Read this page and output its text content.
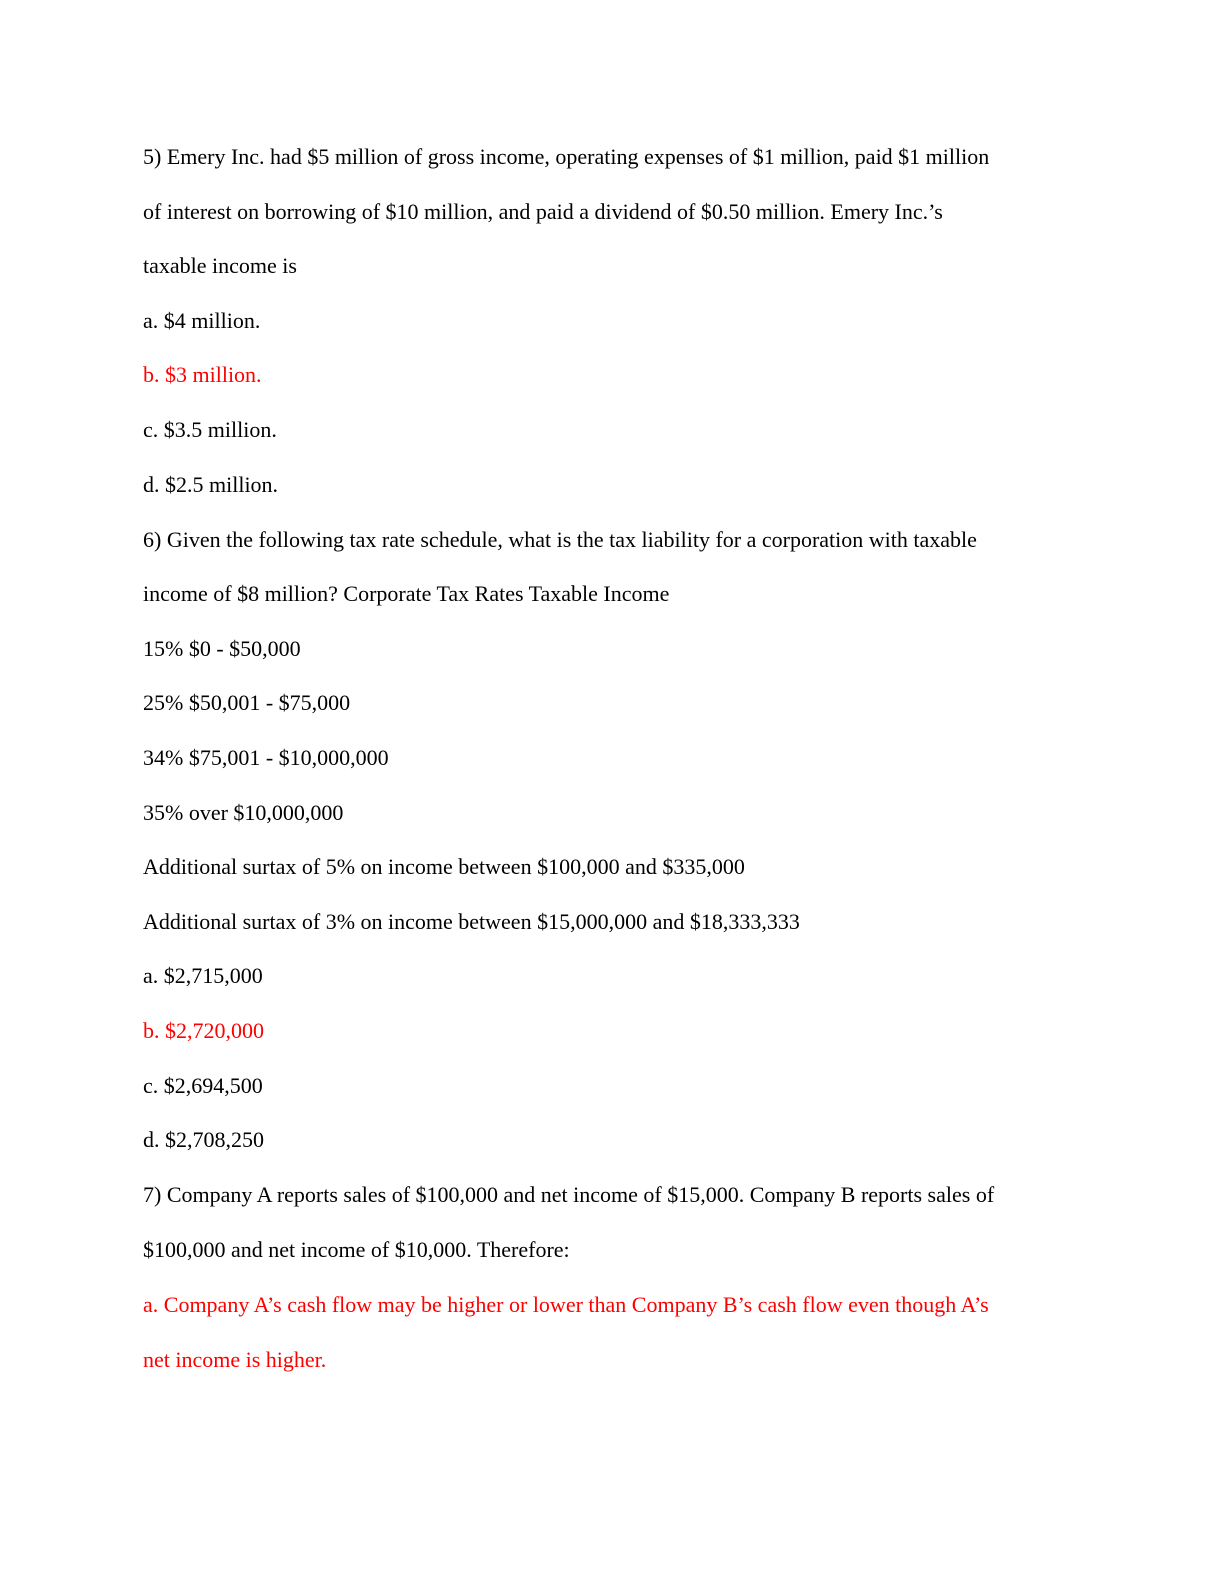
5) Emery Inc. had $5 million of gross income, operating expenses of $1 million, paid $1 million
of interest on borrowing of $10 million, and paid a dividend of $0.50 million. Emery Inc.’s
taxable income is
a. $4 million.
b. $3 million.
c. $3.5 million.
d. $2.5 million.
6) Given the following tax rate schedule, what is the tax liability for a corporation with taxable
income of $8 million? Corporate Tax Rates Taxable Income
15% $0 - $50,000
25% $50,001 - $75,000
34% $75,001 - $10,000,000
35% over $10,000,000
Additional surtax of 5% on income between $100,000 and $335,000
Additional surtax of 3% on income between $15,000,000 and $18,333,333
a. $2,715,000
b. $2,720,000
c. $2,694,500
d. $2,708,250
7) Company A reports sales of $100,000 and net income of $15,000. Company B reports sales of
$100,000 and net income of $10,000. Therefore:
a. Company A’s cash flow may be higher or lower than Company B’s cash flow even though A’s
net income is higher.
